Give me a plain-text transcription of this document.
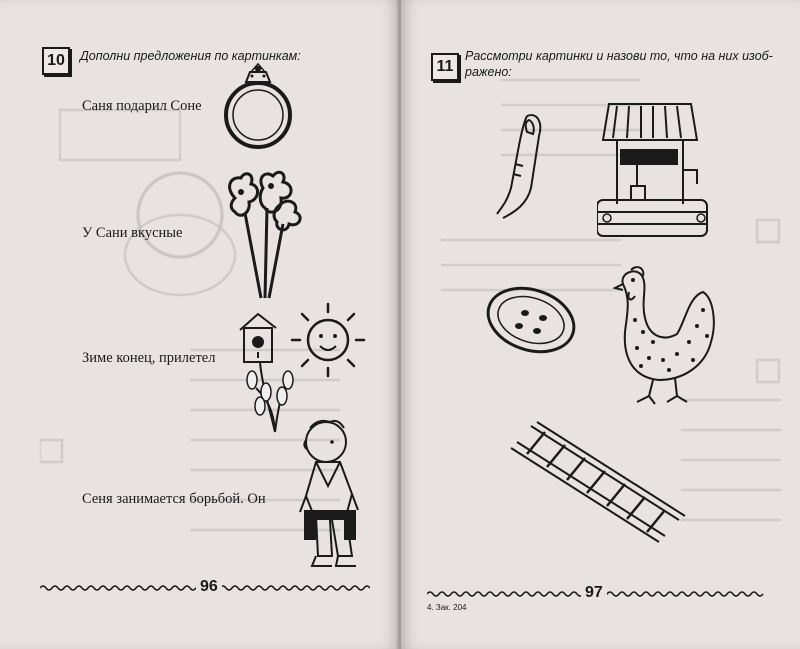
10	Дополни предложения по картинкам:
Саня подарил Соне
У Сани вкусные
Зиме конец, прилетел
Сеня занимается борьбой. Он
96
11
Рассмотри картинки и назови то, что на них изоб-
ражено:
97
4. Зак. 204
